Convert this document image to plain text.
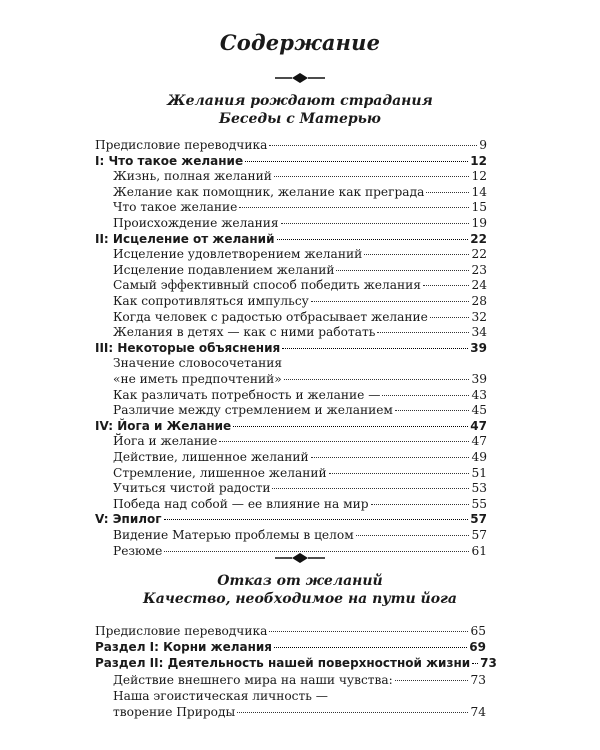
Содержание
Желания рождают страдания
Беседы с Матерью
Предисловие переводчика	9
I: Что такое желание	12
Жизнь, полная желаний	12
Желание как помощник, желание как преграда	14
Что такое желание	15
Происхождение желания	19
II: Исцеление от желаний	22
Исцеление удовлетворением желаний	22
Исцеление подавлением желаний	23
Самый эффективный способ победить желания	24
Как сопротивляться импульсу	28
Когда человек с радостью отбрасывает желание	32
Желания в детях — как с ними работать	34
III: Некоторые объяснения	39
Значение словосочетания
«не иметь предпочтений»	39
Как различать потребность и желание —	43
Различие между стремлением и желанием	45
IV: Йога и Желание	47
Йога и желание	47
Действие, лишенное желаний	49
Стремление, лишенное желаний	51
Учиться чистой радости	53
Победа над собой — ее влияние на мир	55
V: Эпилог	57
Видение Матерью проблемы в целом	57
Резюме	61
Отказ от желаний
Качество, необходимое на пути йога
Предисловие переводчика	65
Раздел I: Корни желания	69
Раздел II: Деятельность нашей поверхностной жизни 73
Действие внешнего мира на наши чувства:	73
Наша эгоистическая личность —
творение Природы	74
